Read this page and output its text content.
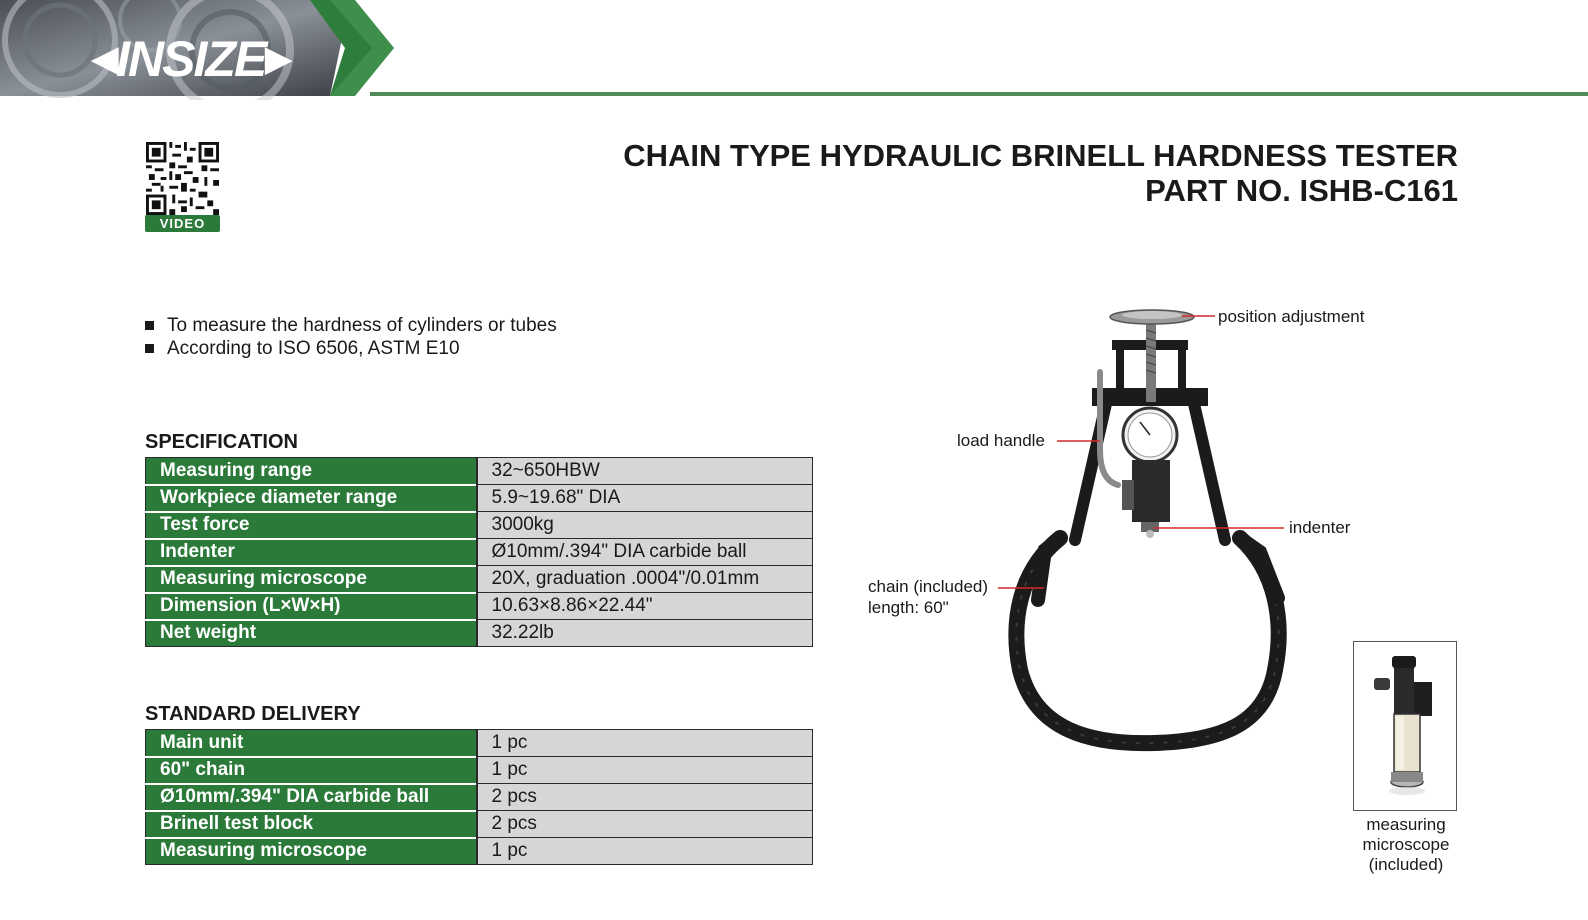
◀ INSIZE ▶
VIDEO
CHAIN TYPE HYDRAULIC BRINELL HARDNESS TESTER
PART NO. ISHB-C161
To measure the hardness of cylinders or tubes
According to ISO 6506, ASTM E10
SPECIFICATION
Measuring range	32~650HBW
Workpiece diameter range	5.9~19.68" DIA
Test force	3000kg
Indenter	Ø10mm/.394" DIA carbide ball
Measuring microscope	20X, graduation .0004"/0.01mm
Dimension (L×W×H)	10.63×8.86×22.44"
Net weight	32.22lb
STANDARD DELIVERY
Main unit	1 pc
60" chain	1 pc
Ø10mm/.394" DIA carbide ball	2 pcs
Brinell test block	2 pcs
Measuring microscope	1 pc
position adjustment
load handle
indenter
chain (included)
length: 60"
measuring
microscope
(included)
